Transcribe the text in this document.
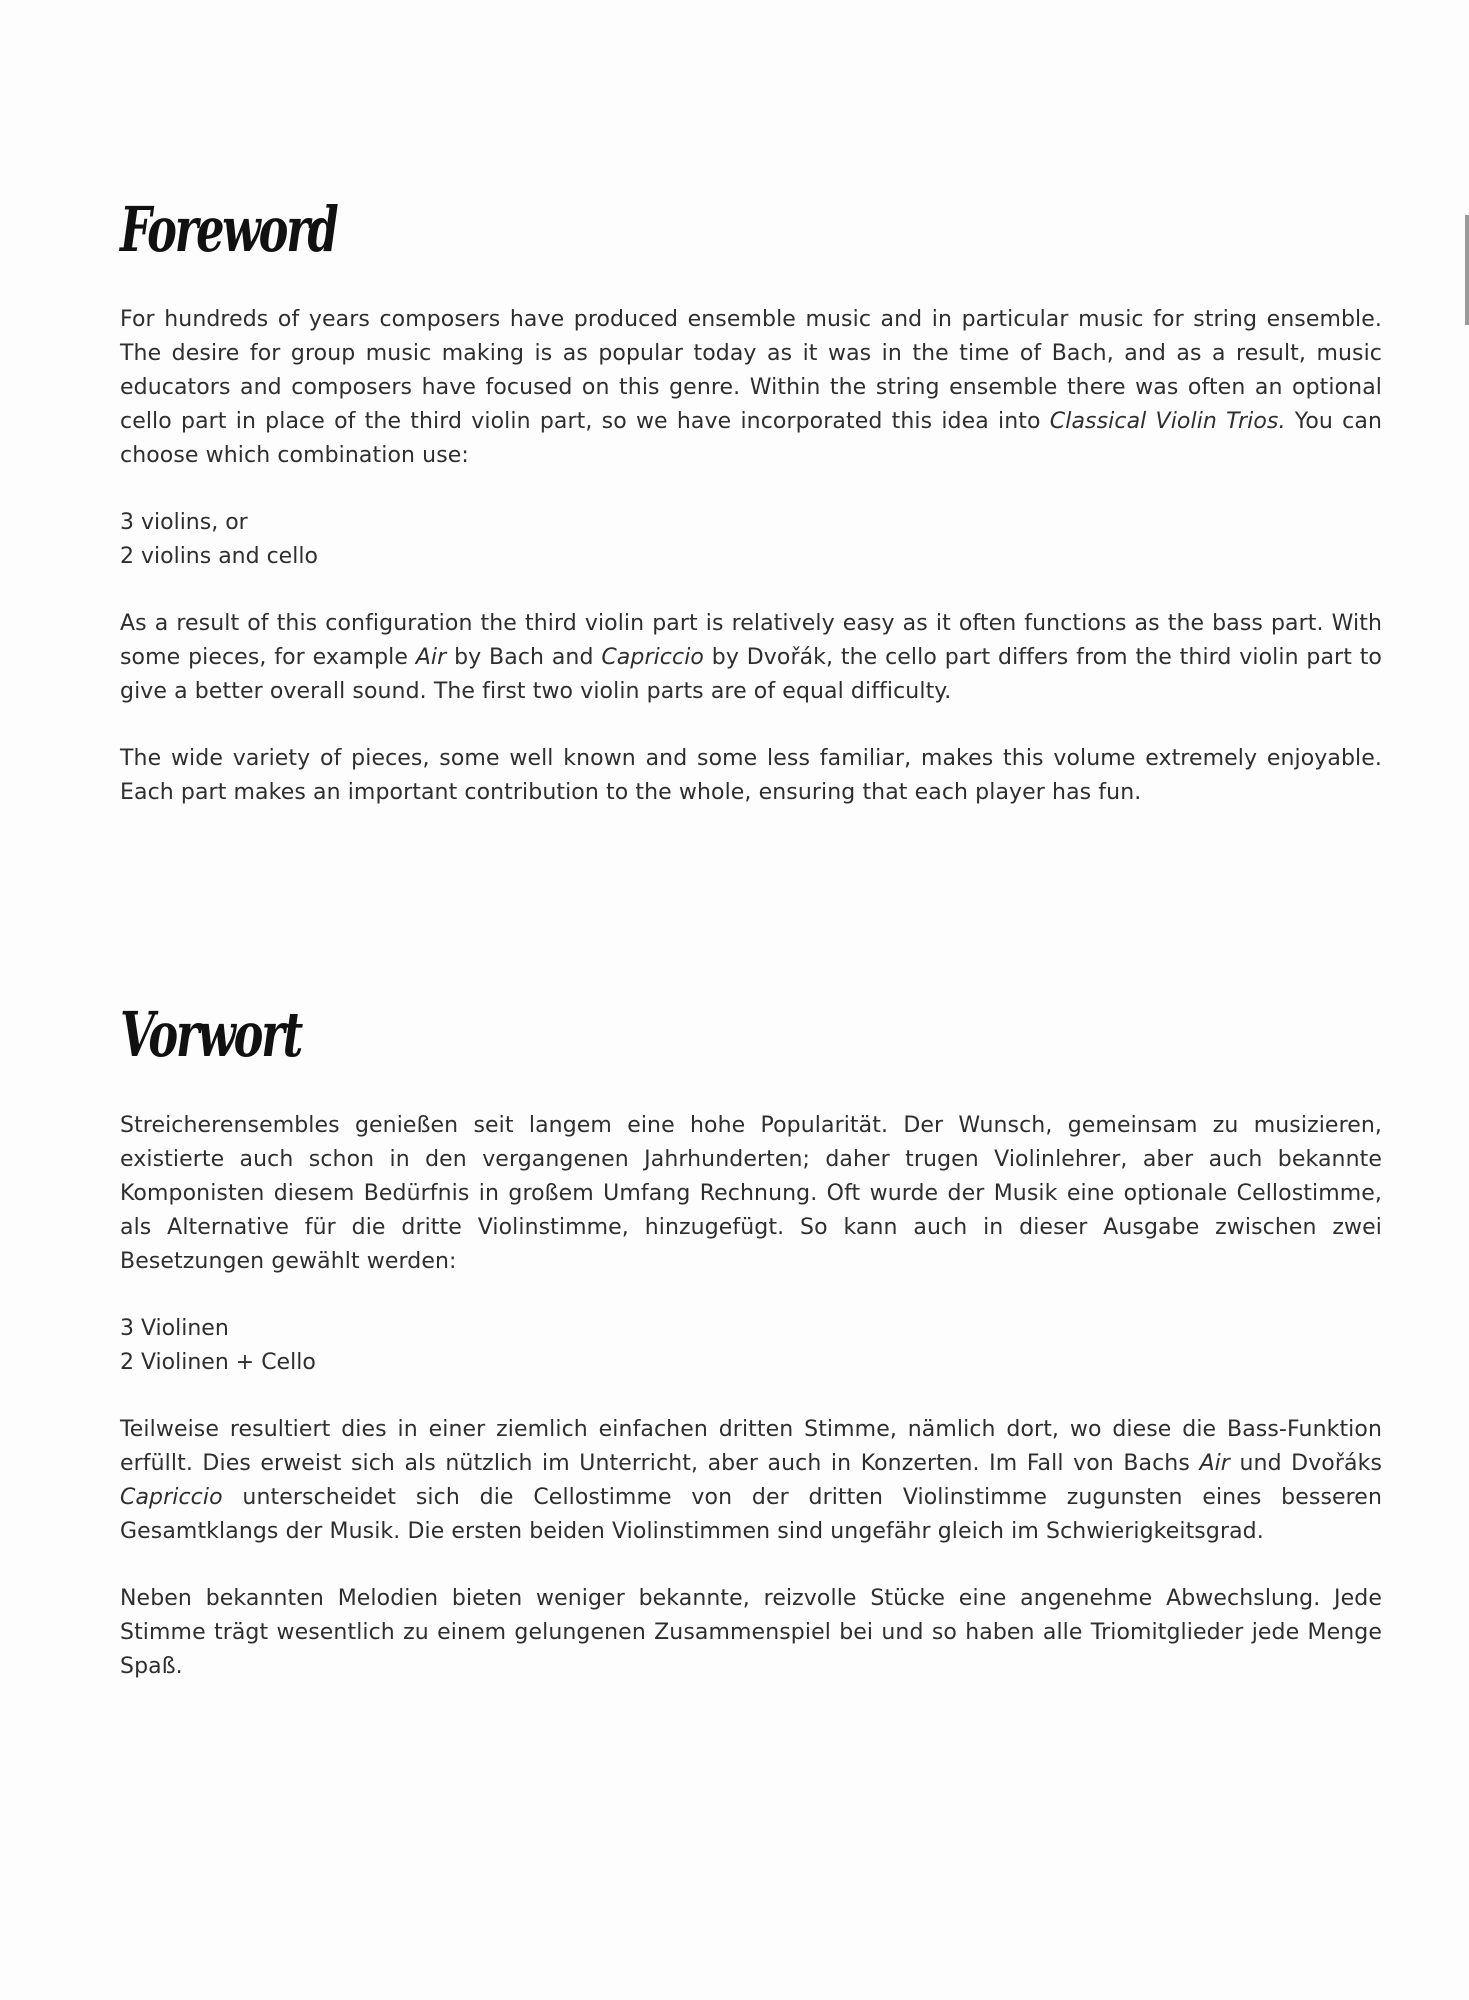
Foreword

For hundreds of years composers have produced ensemble music and in particular music for string ensemble. The desire for group music making is as popular today as it was in the time of Bach, and as a result, music educators and composers have focused on this genre. Within the string ensemble there was often an optional cello part in place of the third violin part, so we have incorporated this idea into Classical Violin Trios. You can choose which combination use:

3 violins, or
2 violins and cello

As a result of this configuration the third violin part is relatively easy as it often functions as the bass part. With some pieces, for example Air by Bach and Capriccio by Dvořák, the cello part differs from the third violin part to give a better overall sound. The first two violin parts are of equal difficulty.

The wide variety of pieces, some well known and some less familiar, makes this volume extremely enjoyable. Each part makes an important contribution to the whole, ensuring that each player has fun.

Vorwort

Streicherensembles genießen seit langem eine hohe Popularität. Der Wunsch, gemeinsam zu musizieren, existierte auch schon in den vergangenen Jahrhunderten; daher trugen Violinlehrer, aber auch bekannte Komponisten diesem Bedürfnis in großem Umfang Rechnung. Oft wurde der Musik eine optionale Cellostimme, als Alternative für die dritte Violinstimme, hinzugefügt. So kann auch in dieser Ausgabe zwischen zwei Besetzungen gewählt werden:

3 Violinen
2 Violinen + Cello

Teilweise resultiert dies in einer ziemlich einfachen dritten Stimme, nämlich dort, wo diese die Bass-Funktion erfüllt. Dies erweist sich als nützlich im Unterricht, aber auch in Konzerten. Im Fall von Bachs Air und Dvořáks Capriccio unterscheidet sich die Cellostimme von der dritten Violinstimme zugunsten eines besseren Gesamtklangs der Musik. Die ersten beiden Violinstimmen sind ungefähr gleich im Schwierigkeitsgrad.

Neben bekannten Melodien bieten weniger bekannte, reizvolle Stücke eine angenehme Abwechslung. Jede Stimme trägt wesentlich zu einem gelungenen Zusammenspiel bei und so haben alle Triomitglieder jede Menge Spaß.
